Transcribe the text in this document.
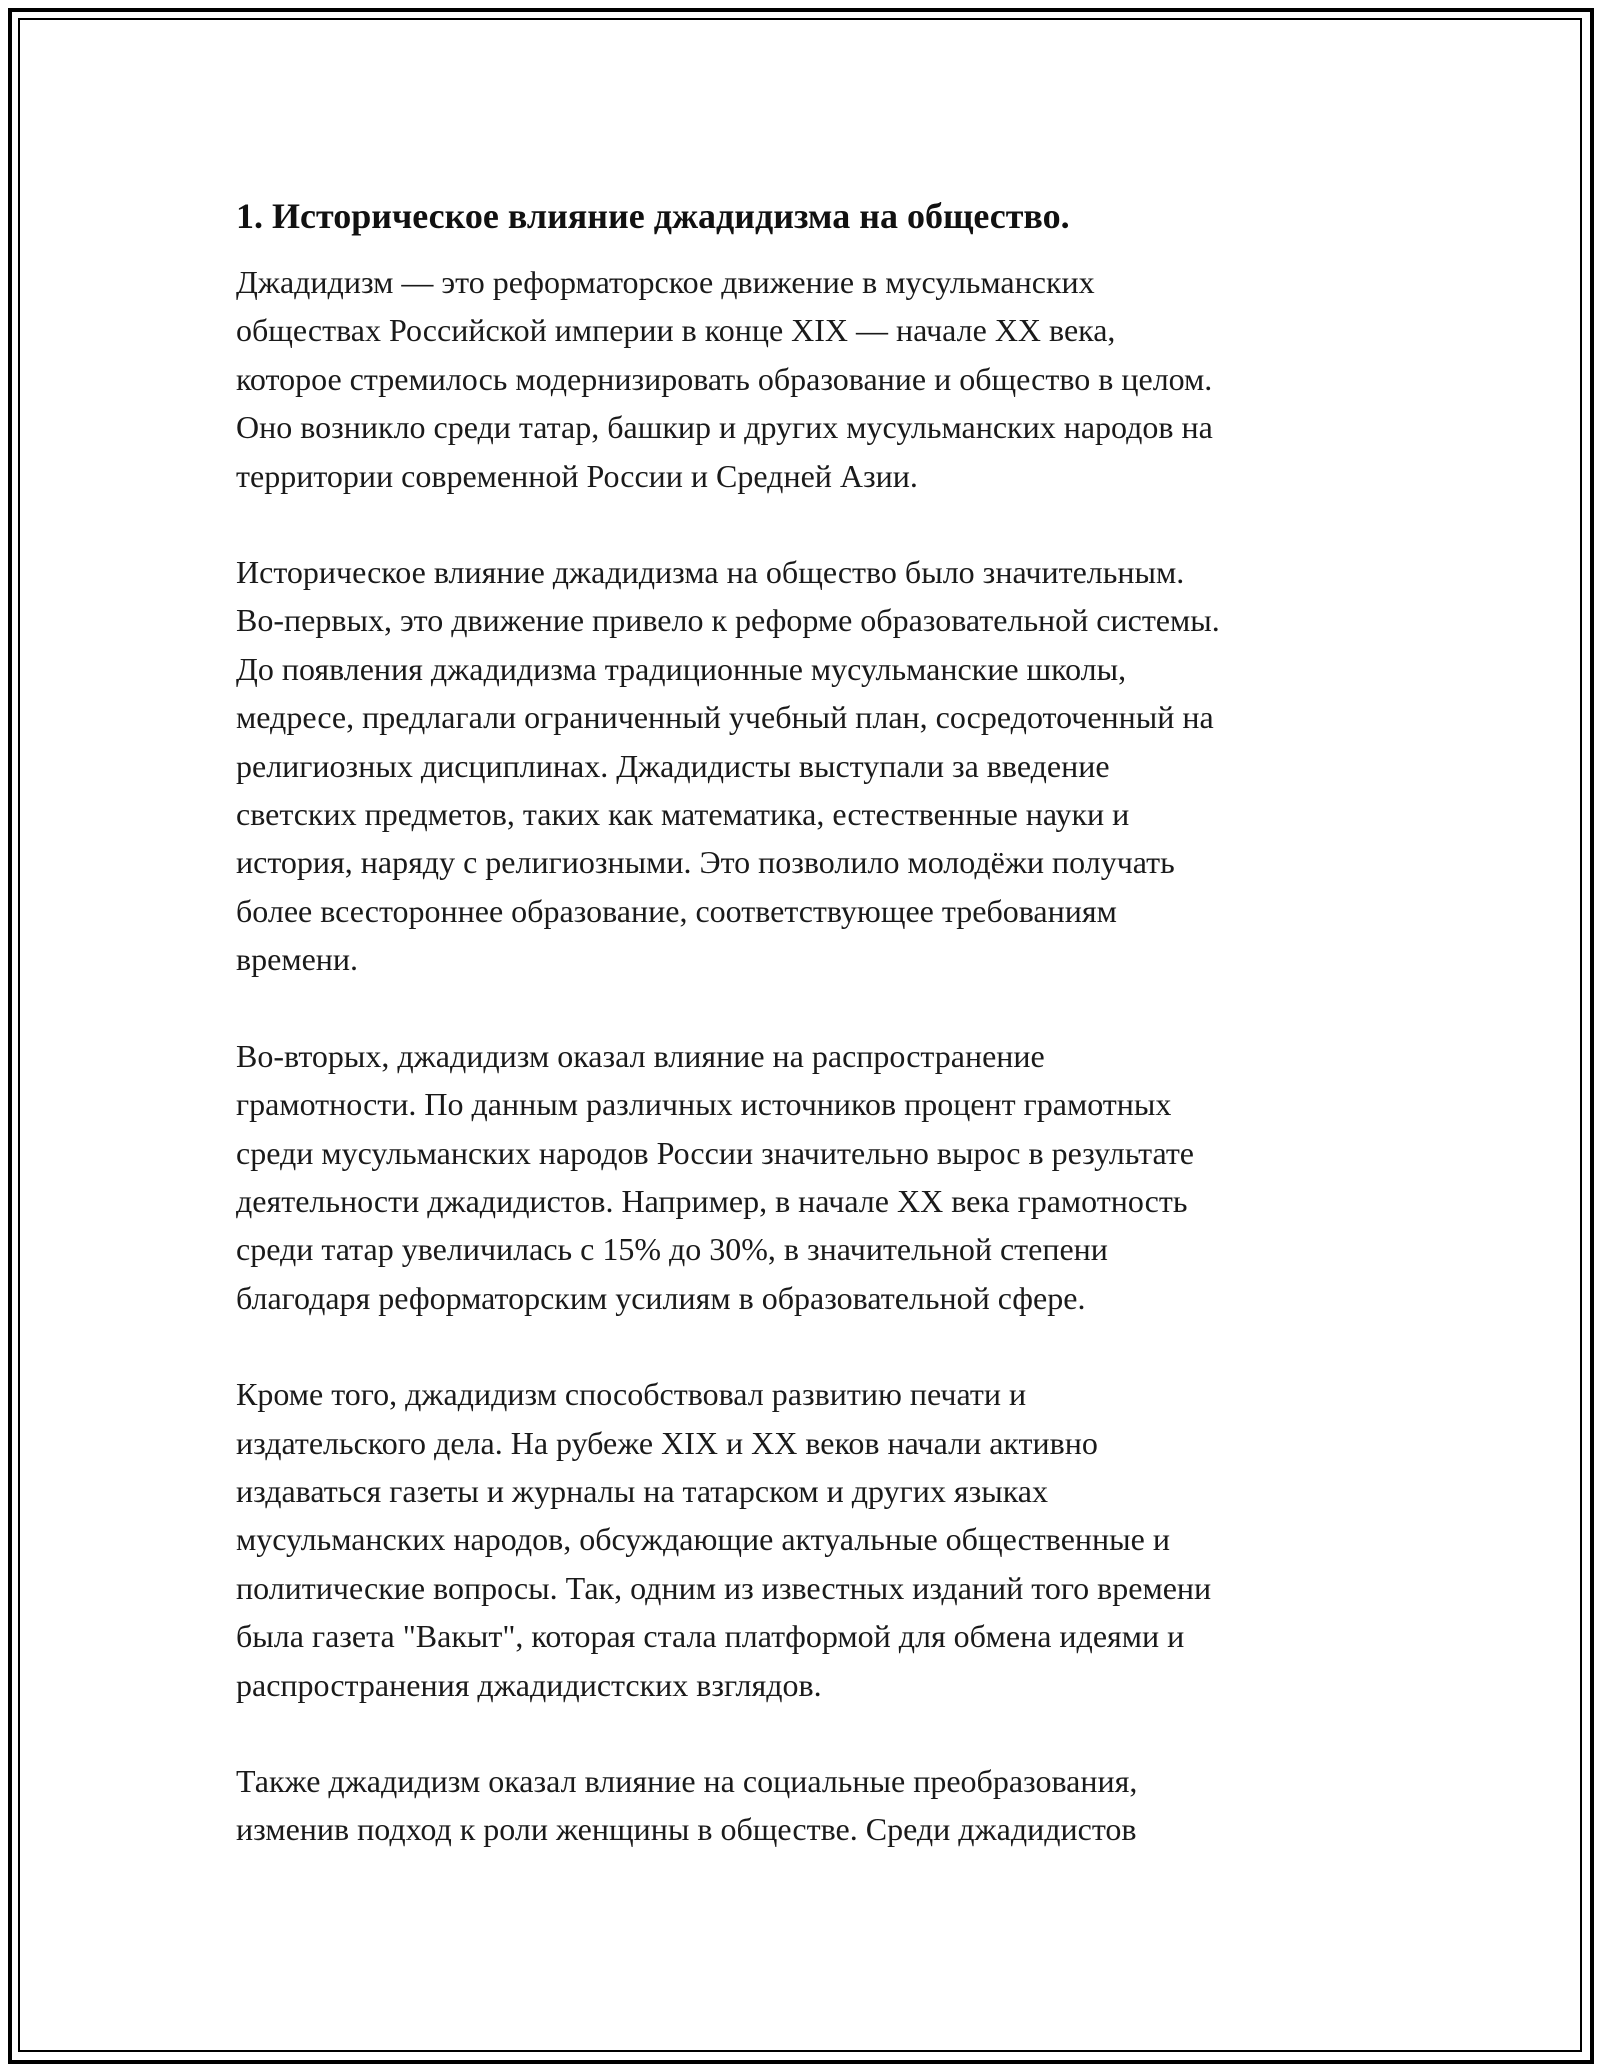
1. Историческое влияние джадидизма на общество.

Джадидизм — это реформаторское движение в мусульманских
обществах Российской империи в конце XIX — начале XX века,
которое стремилось модернизировать образование и общество в целом.
Оно возникло среди татар, башкир и других мусульманских народов на
территории современной России и Средней Азии.

Историческое влияние джадидизма на общество было значительным.
Во-первых, это движение привело к реформе образовательной системы.
До появления джадидизма традиционные мусульманские школы,
медресе, предлагали ограниченный учебный план, сосредоточенный на
религиозных дисциплинах. Джадидисты выступали за введение
светских предметов, таких как математика, естественные науки и
история, наряду с религиозными. Это позволило молодёжи получать
более всестороннее образование, соответствующее требованиям
времени.

Во-вторых, джадидизм оказал влияние на распространение
грамотности. По данным различных источников процент грамотных
среди мусульманских народов России значительно вырос в результате
деятельности джадидистов. Например, в начале XX века грамотность
среди татар увеличилась с 15% до 30%, в значительной степени
благодаря реформаторским усилиям в образовательной сфере.

Кроме того, джадидизм способствовал развитию печати и
издательского дела. На рубеже XIX и XX веков начали активно
издаваться газеты и журналы на татарском и других языках
мусульманских народов, обсуждающие актуальные общественные и
политические вопросы. Так, одним из известных изданий того времени
была газета "Вакыт", которая стала платформой для обмена идеями и
распространения джадидистских взглядов.

Также джадидизм оказал влияние на социальные преобразования,
изменив подход к роли женщины в обществе. Среди джадидистов
